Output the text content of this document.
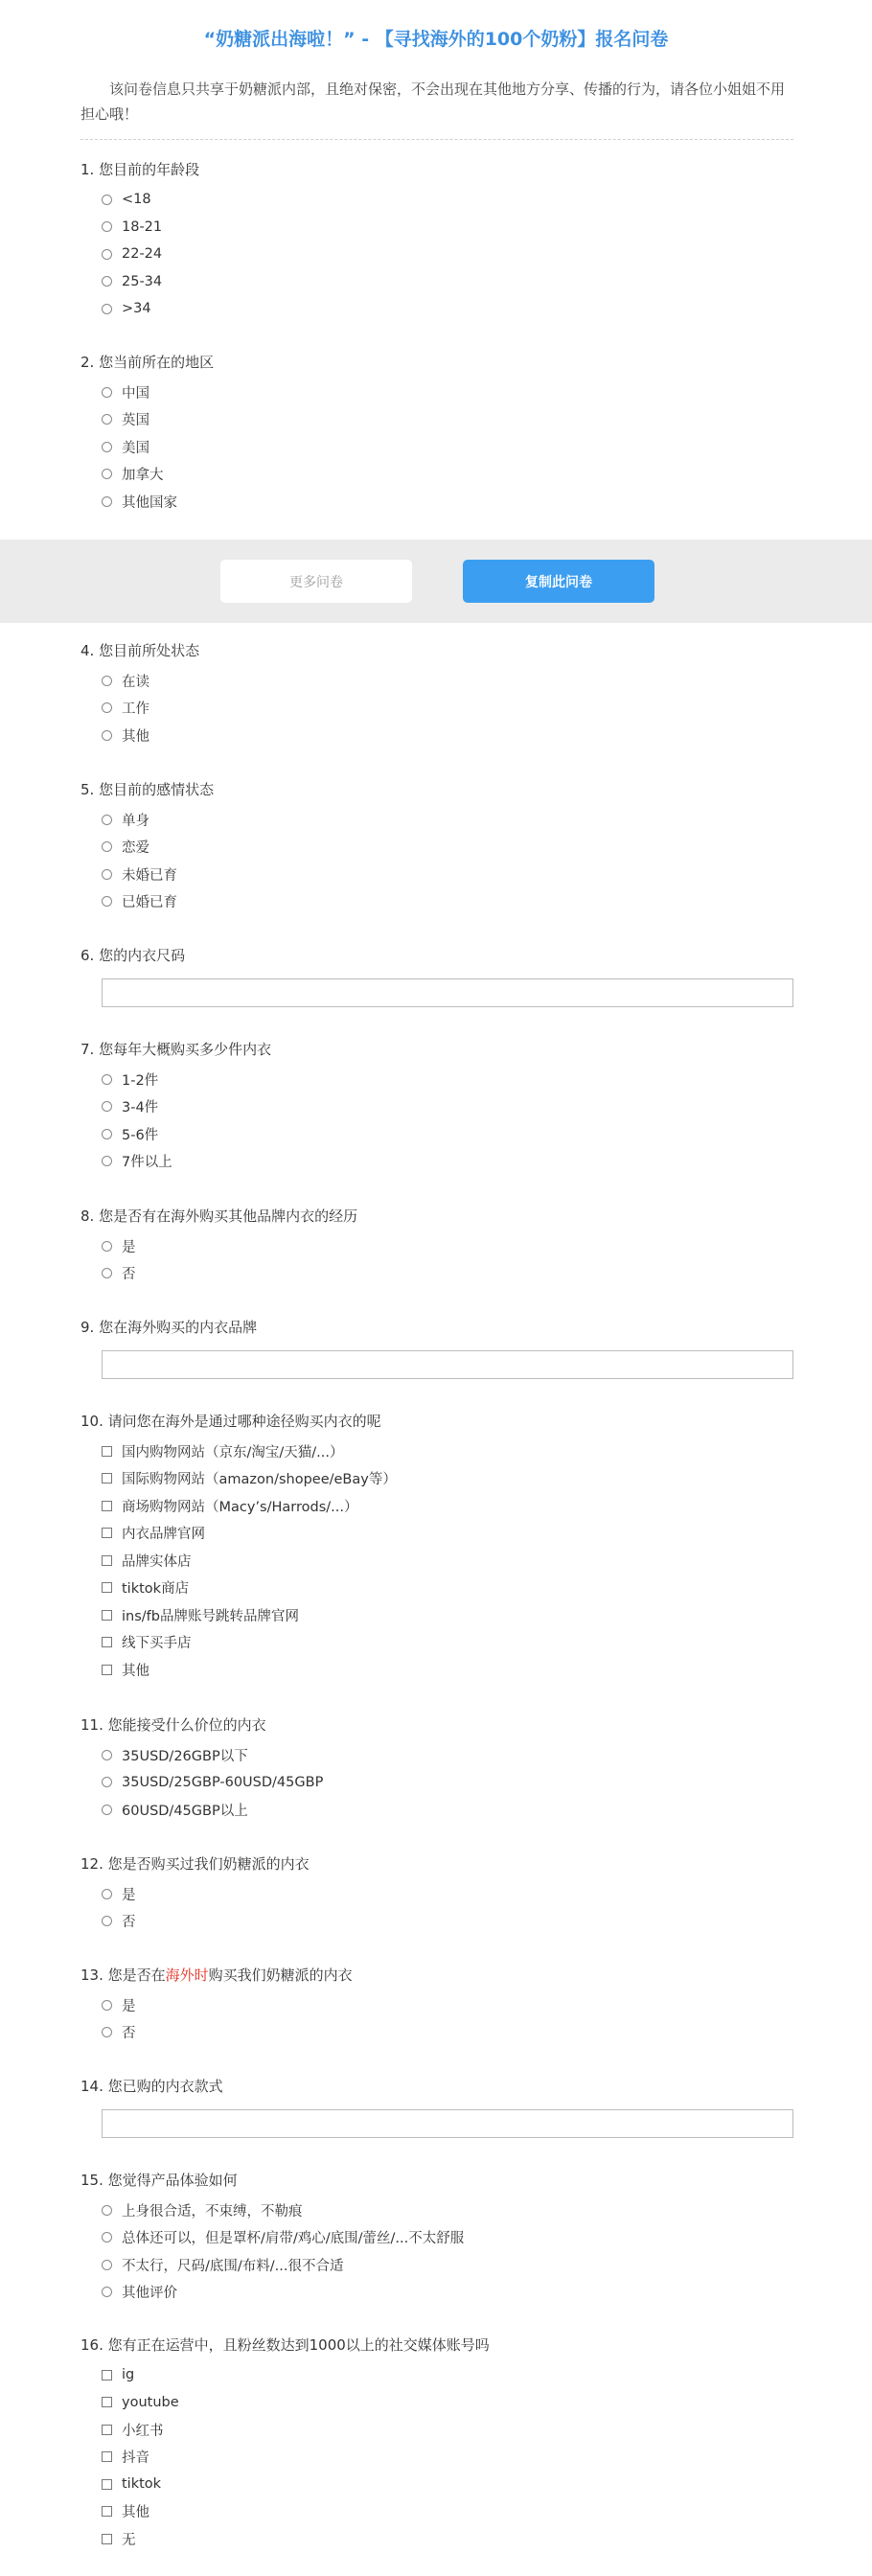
“奶糖派出海啦！” - 【寻找海外的100个奶粉】报名问卷
该问卷信息只共享于奶糖派内部，且绝对保密，不会出现在其他地方分享、传播的行为，请各位小姐姐不用担心哦！
1. 您目前的年龄段
<18
18-21
22-24
25-34
>34
2. 您当前所在的地区
中国
英国
美国
加拿大
其他国家
更多问卷	复制此问卷
4. 您目前所处状态
在读
工作
其他
5. 您目前的感情状态
单身
恋爱
未婚已育
已婚已育
6. 您的内衣尺码
7. 您每年大概购买多少件内衣
1-2件
3-4件
5-6件
7件以上
8. 您是否有在海外购买其他品牌内衣的经历
是
否
9. 您在海外购买的内衣品牌
10. 请问您在海外是通过哪种途径购买内衣的呢
国内购物网站（京东/淘宝/天猫/...）
国际购物网站（amazon/shopee/eBay等）
商场购物网站（Macy’s/Harrods/...）
内衣品牌官网
品牌实体店
tiktok商店
ins/fb品牌账号跳转品牌官网
线下买手店
其他
11. 您能接受什么价位的内衣
35USD/26GBP以下
35USD/25GBP-60USD/45GBP
60USD/45GBP以上
12. 您是否购买过我们奶糖派的内衣
是
否
13. 您是否在海外时购买我们奶糖派的内衣
是
否
14. 您已购的内衣款式
15. 您觉得产品体验如何
上身很合适，不束缚，不勒痕
总体还可以，但是罩杯/肩带/鸡心/底围/蕾丝/...不太舒服
不太行，尺码/底围/布料/...很不合适
其他评价
16. 您有正在运营中，且粉丝数达到1000以上的社交媒体账号吗
ig
youtube
小红书
抖音
tiktok
其他
无
